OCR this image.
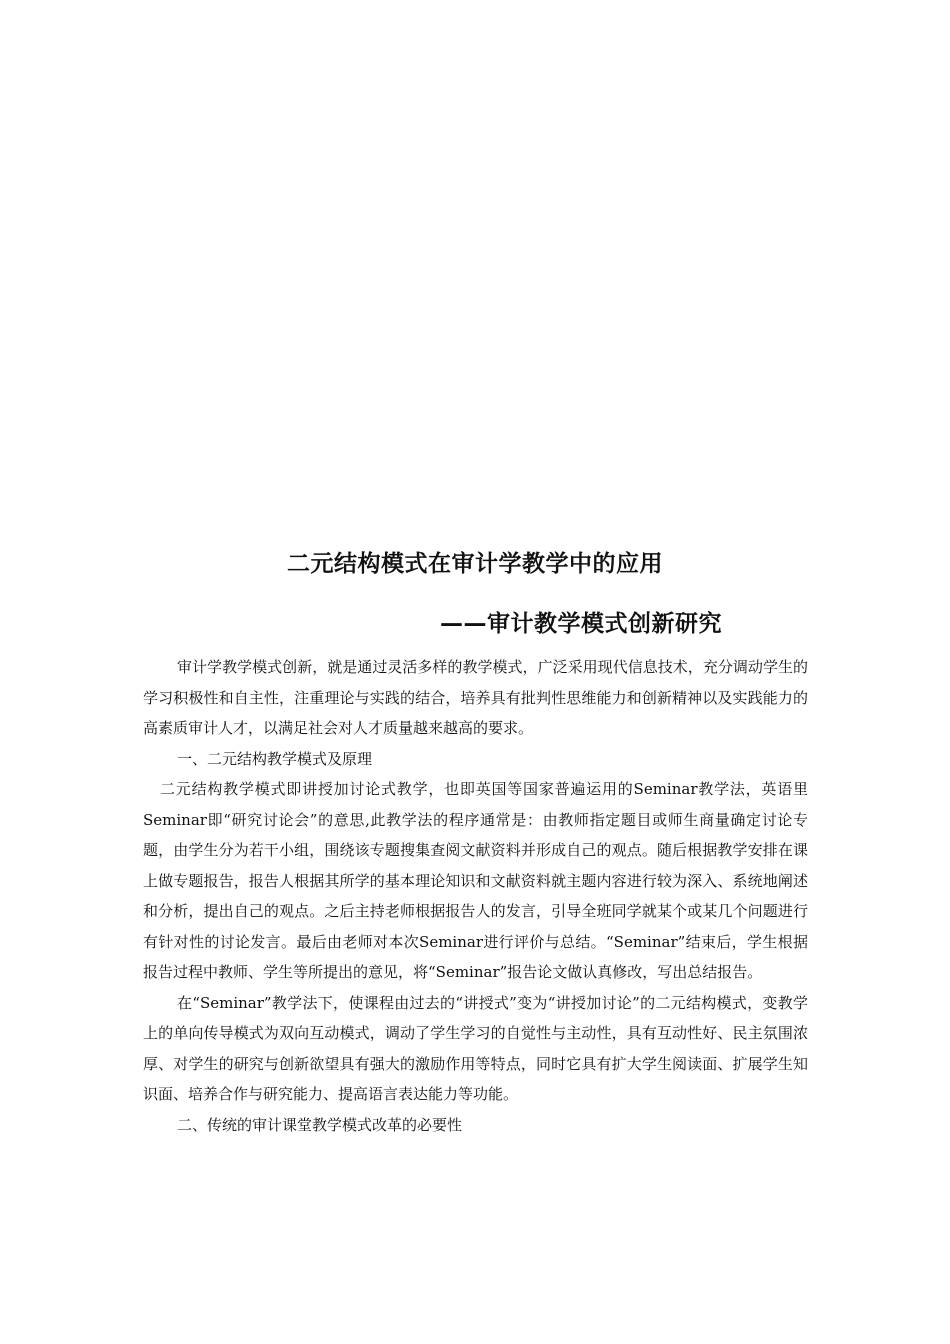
二元结构模式在审计学教学中的应用
——审计教学模式创新研究

审计学教学模式创新，就是通过灵活多样的教学模式，广泛采用现代信息技术，充分调动学生的学习积极性和自主性，注重理论与实践的结合，培养具有批判性思维能力和创新精神以及实践能力的高素质审计人才，以满足社会对人才质量越来越高的要求。

一、二元结构教学模式及原理

二元结构教学模式即讲授加讨论式教学，也即英国等国家普遍运用的Seminar教学法，英语里Seminar即“研究讨论会”的意思,此教学法的程序通常是：由教师指定题目或师生商量确定讨论专题，由学生分为若干小组，围绕该专题搜集查阅文献资料并形成自己的观点。随后根据教学安排在课上做专题报告，报告人根据其所学的基本理论知识和文献资料就主题内容进行较为深入、系统地阐述和分析，提出自己的观点。之后主持老师根据报告人的发言，引导全班同学就某个或某几个问题进行有针对性的讨论发言。最后由老师对本次Seminar进行评价与总结。“Seminar”结束后，学生根据报告过程中教师、学生等所提出的意见，将“Seminar”报告论文做认真修改，写出总结报告。

在“Seminar”教学法下，使课程由过去的“讲授式”变为“讲授加讨论”的二元结构模式，变教学上的单向传导模式为双向互动模式，调动了学生学习的自觉性与主动性，具有互动性好、民主氛围浓厚、对学生的研究与创新欲望具有强大的激励作用等特点，同时它具有扩大学生阅读面、扩展学生知识面、培养合作与研究能力、提高语言表达能力等功能。

二、传统的审计课堂教学模式改革的必要性
